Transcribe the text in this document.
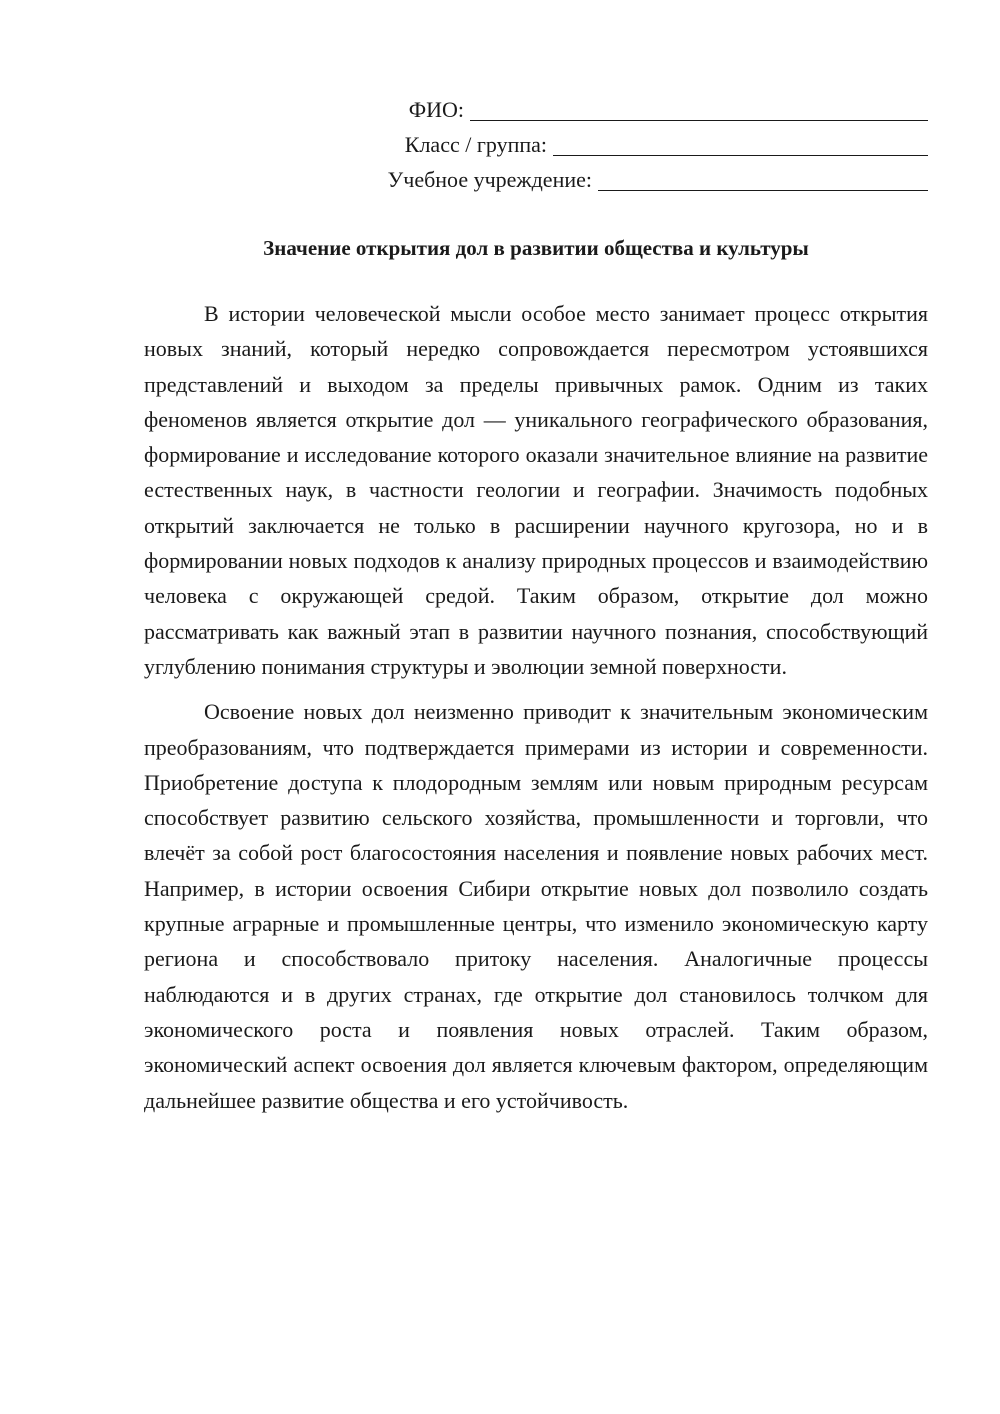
ФИО:
Класс / группа:
Учебное учреждение:
Значение открытия дол в развитии общества и культуры

В истории человеческой мысли особое место занимает процесс открытия новых знаний, который нередко сопровождается пересмотром устоявшихся представлений и выходом за пределы привычных рамок. Одним из таких феноменов является открытие дол — уникального географического образования, формирование и исследование которого оказали значительное влияние на развитие естественных наук, в частности геологии и географии. Значимость подобных открытий заключается не только в расширении научного кругозора, но и в формировании новых подходов к анализу природных процессов и взаимодействию человека с окружающей средой. Таким образом, открытие дол можно рассматривать как важный этап в развитии научного познания, способствующий углублению понимания структуры и эволюции земной поверхности.

Освоение новых дол неизменно приводит к значительным экономическим преобразованиям, что подтверждается примерами из истории и современности. Приобретение доступа к плодородным землям или новым природным ресурсам способствует развитию сельского хозяйства, промышленности и торговли, что влечёт за собой рост благосостояния населения и появление новых рабочих мест. Например, в истории освоения Сибири открытие новых дол позволило создать крупные аграрные и промышленные центры, что изменило экономическую карту региона и способствовало притоку населения. Аналогичные процессы наблюдаются и в других странах, где открытие дол становилось толчком для экономического роста и появления новых отраслей. Таким образом, экономический аспект освоения дол является ключевым фактором, определяющим дальнейшее развитие общества и его устойчивость.
